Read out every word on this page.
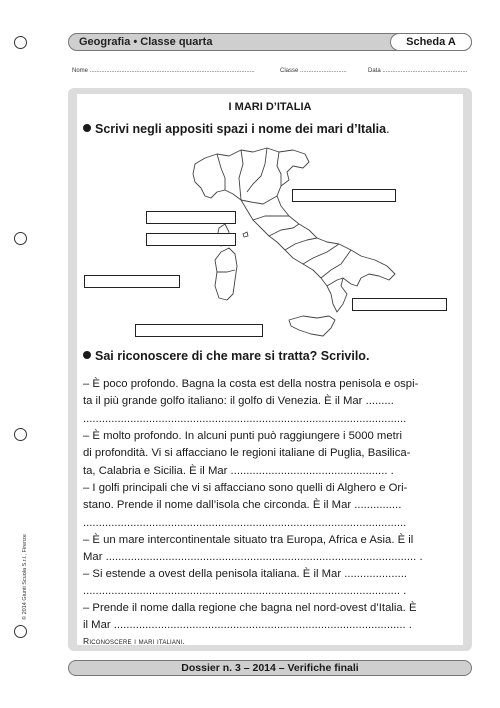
Geografia • Classe quarta	Scheda A
Nome ...................................................................................................	Classe ............................	Data ...................................................
I MARI D’ITALIA
Scrivi negli appositi spazi i nome dei mari d’Italia.
Sai riconoscere di che mare si tratta? Scrivilo.

– È poco profondo. Bagna la costa est della nostra penisola e ospi-

ta il più grande golfo italiano: il golfo di Venezia. È il Mar .........

.......................................................................................................

– È molto profondo. In alcuni punti può raggiungere i 5000 metri

di profondità. Vi si affacciano le regioni italiane di Puglia, Basilica-

ta, Calabria e Sicilia. È il Mar .................................................. .

– I golfi principali che vi si affacciano sono quelli di Alghero e Ori-

stano. Prende il nome dall’isola che circonda. È il Mar ...............

.......................................................................................................

– È un mare intercontinentale situato tra Europa, Africa e Asia. È il

Mar ................................................................................................... .

– Si estende a ovest della penisola italiana. È il Mar ....................

..................................................................................................... .

– Prende il nome dalla regione che bagna nel nord-ovest d’Italia. È

il Mar ............................................................................................. .

Riconoscere i mari italiani.
© 2014 Giunti Scuola S.r.l., Firenze
Dossier n. 3 – 2014 – Verifiche finali
